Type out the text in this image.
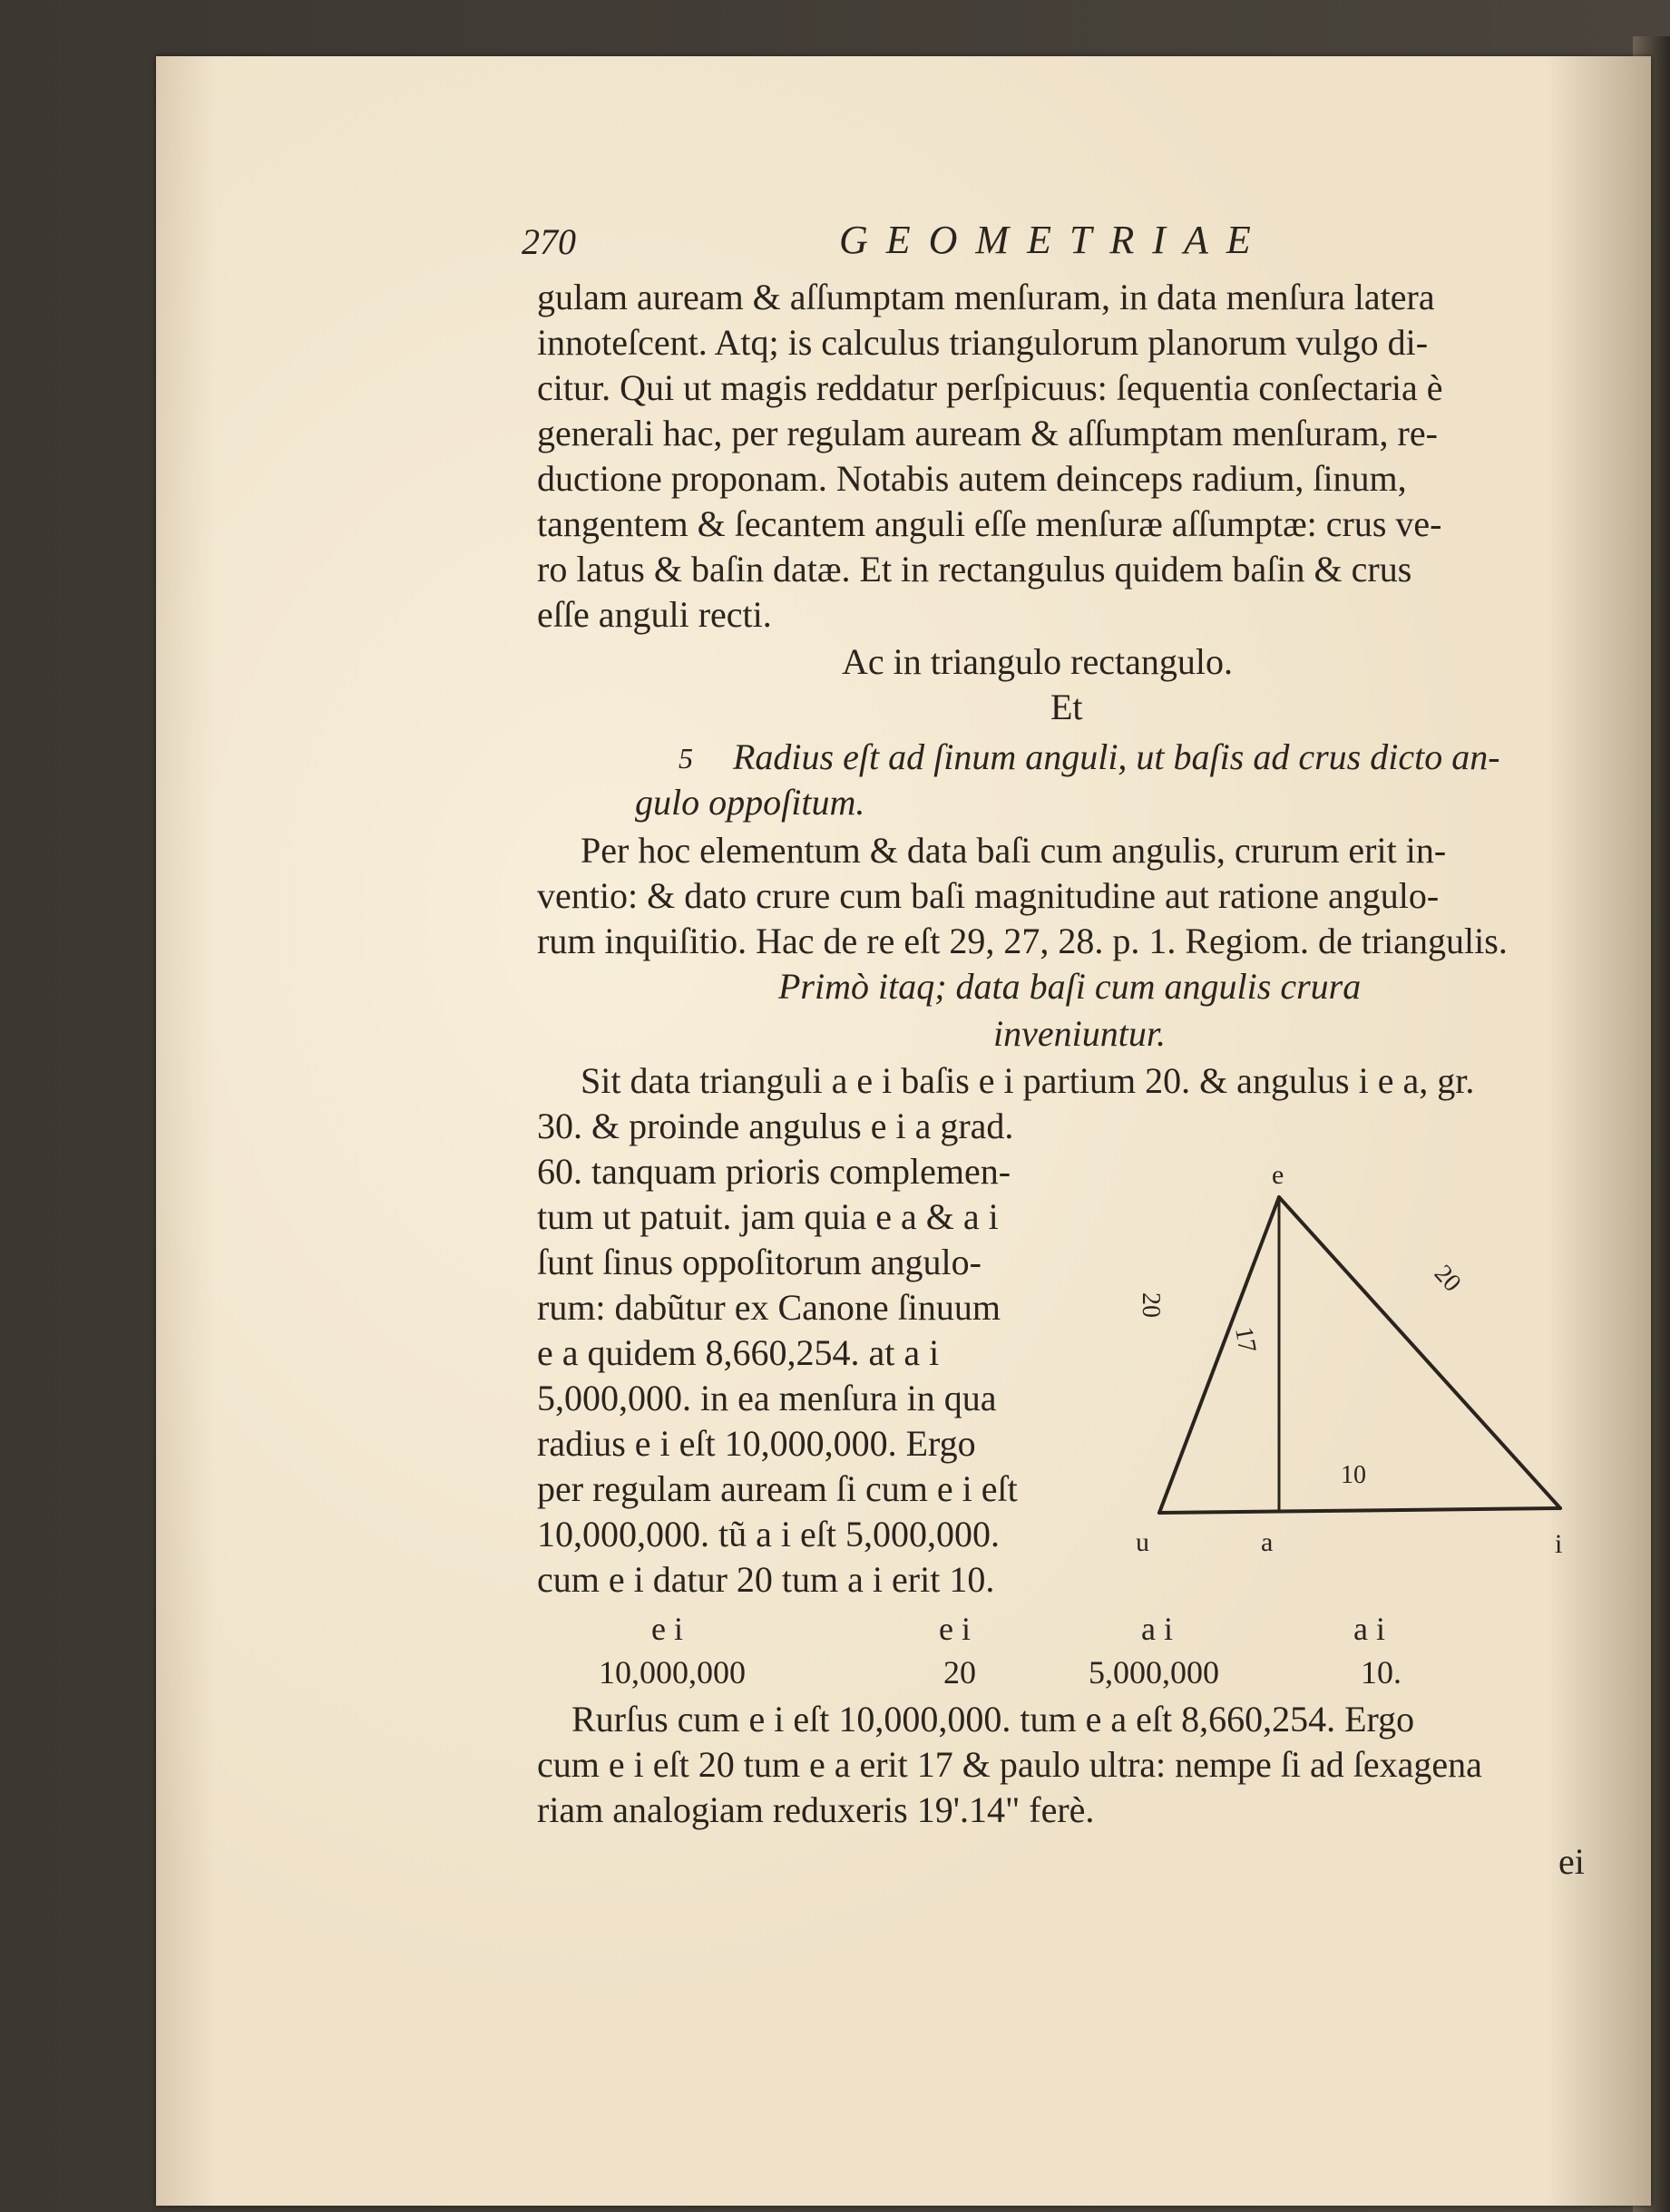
270	GEOMETRIAE
gulam auream & aſſumptam menſuram, in data menſura latera
innoteſcent. Atq; is calculus triangulorum planorum vulgo di-
citur. Qui ut magis reddatur perſpicuus: ſequentia conſectaria è
generali hac, per regulam auream & aſſumptam menſuram, re-
ductione proponam. Notabis autem deinceps radium, ſinum,
tangentem & ſecantem anguli eſſe menſuræ aſſumptæ: crus ve-
ro latus & baſin datæ. Et in rectangulus quidem baſin & crus
eſſe anguli recti.
Ac in triangulo rectangulo.
Et
5 Radius eſt ad ſinum anguli, ut baſis ad crus dicto an-
gulo oppoſitum.
Per hoc elementum & data baſi cum angulis, crurum erit in-
ventio: & dato crure cum baſi magnitudine aut ratione angulo-
rum inquiſitio. Hac de re eſt 29, 27, 28. p. 1. Regiom. de triangulis.
Primò itaq; data baſi cum angulis crura
inveniuntur.
Sit data trianguli a e i baſis e i partium 20. & angulus i e a, gr.
30. & proinde angulus e i a grad.
60. tanquam prioris complemen-
tum ut patuit. jam quia e a & a i
ſunt ſinus oppoſitorum angulo-
rum: dabũtur ex Canone ſinuum
e a quidem 8,660,254. at a i
5,000,000. in ea menſura in qua
radius e i eſt 10,000,000. Ergo
per regulam auream ſi cum e i eſt
10,000,000. tũ a i eſt 5,000,000.
cum e i datur 20 tum a i erit 10.
e
u	a	i
20
20
17
10
e i	e i	a i	a i
10,000,000	20	5,000,000	10.
Rurſus cum e i eſt 10,000,000. tum e a eſt 8,660,254. Ergo
cum e i eſt 20 tum e a erit 17 & paulo ultra: nempe ſi ad ſexagena
riam analogiam reduxeris 19'.14" ferè.
ei
